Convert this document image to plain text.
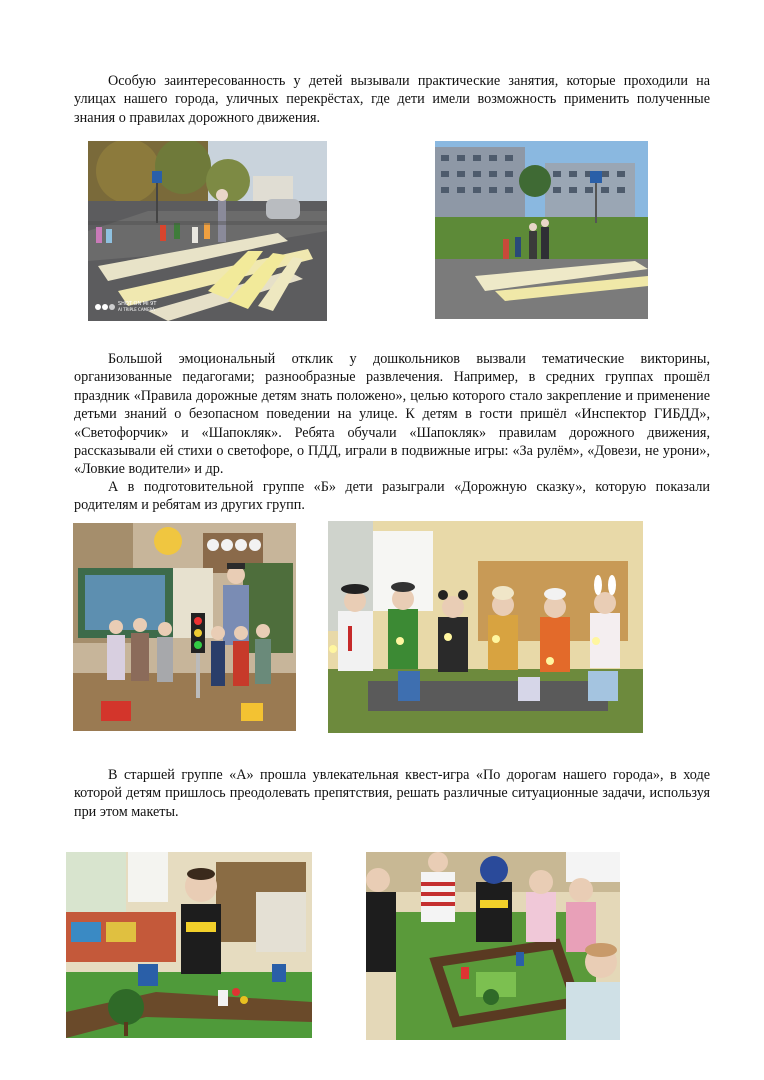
Особую заинтересованность у детей вызывали практические занятия, которые проходили на улицах нашего города, уличных перекрёстах, где дети имели возможность применить полученные знания о правилах дорожного движения.

SHOT ON MI 9T
AI TRIPLE CAMERA

Большой эмоциональный отклик у дошкольников вызвали тематические викторины, организованные педагогами; разнообразные развлечения. Например, в средних группах прошёл праздник «Правила дорожные детям знать положено», целью которого стало закрепление и применение детьми знаний о безопасном поведении на улице. К детям в гости пришёл «Инспектор ГИБДД», «Светофорчик» и «Шапокляк». Ребята обучали «Шапокляк» правилам дорожного движения, рассказывали ей стихи о светофоре, о ПДД, играли в подвижные игры: «За рулём», «Довези, не урони», «Ловкие водители» и др.

А в подготовительной группе «Б» дети разыграли «Дорожную сказку», которую показали родителям и ребятам из других групп.

В старшей группе «А» прошла увлекательная квест-игра «По дорогам нашего города», в ходе которой детям пришлось преодолевать препятствия, решать различные ситуационные задачи, используя при этом макеты.
